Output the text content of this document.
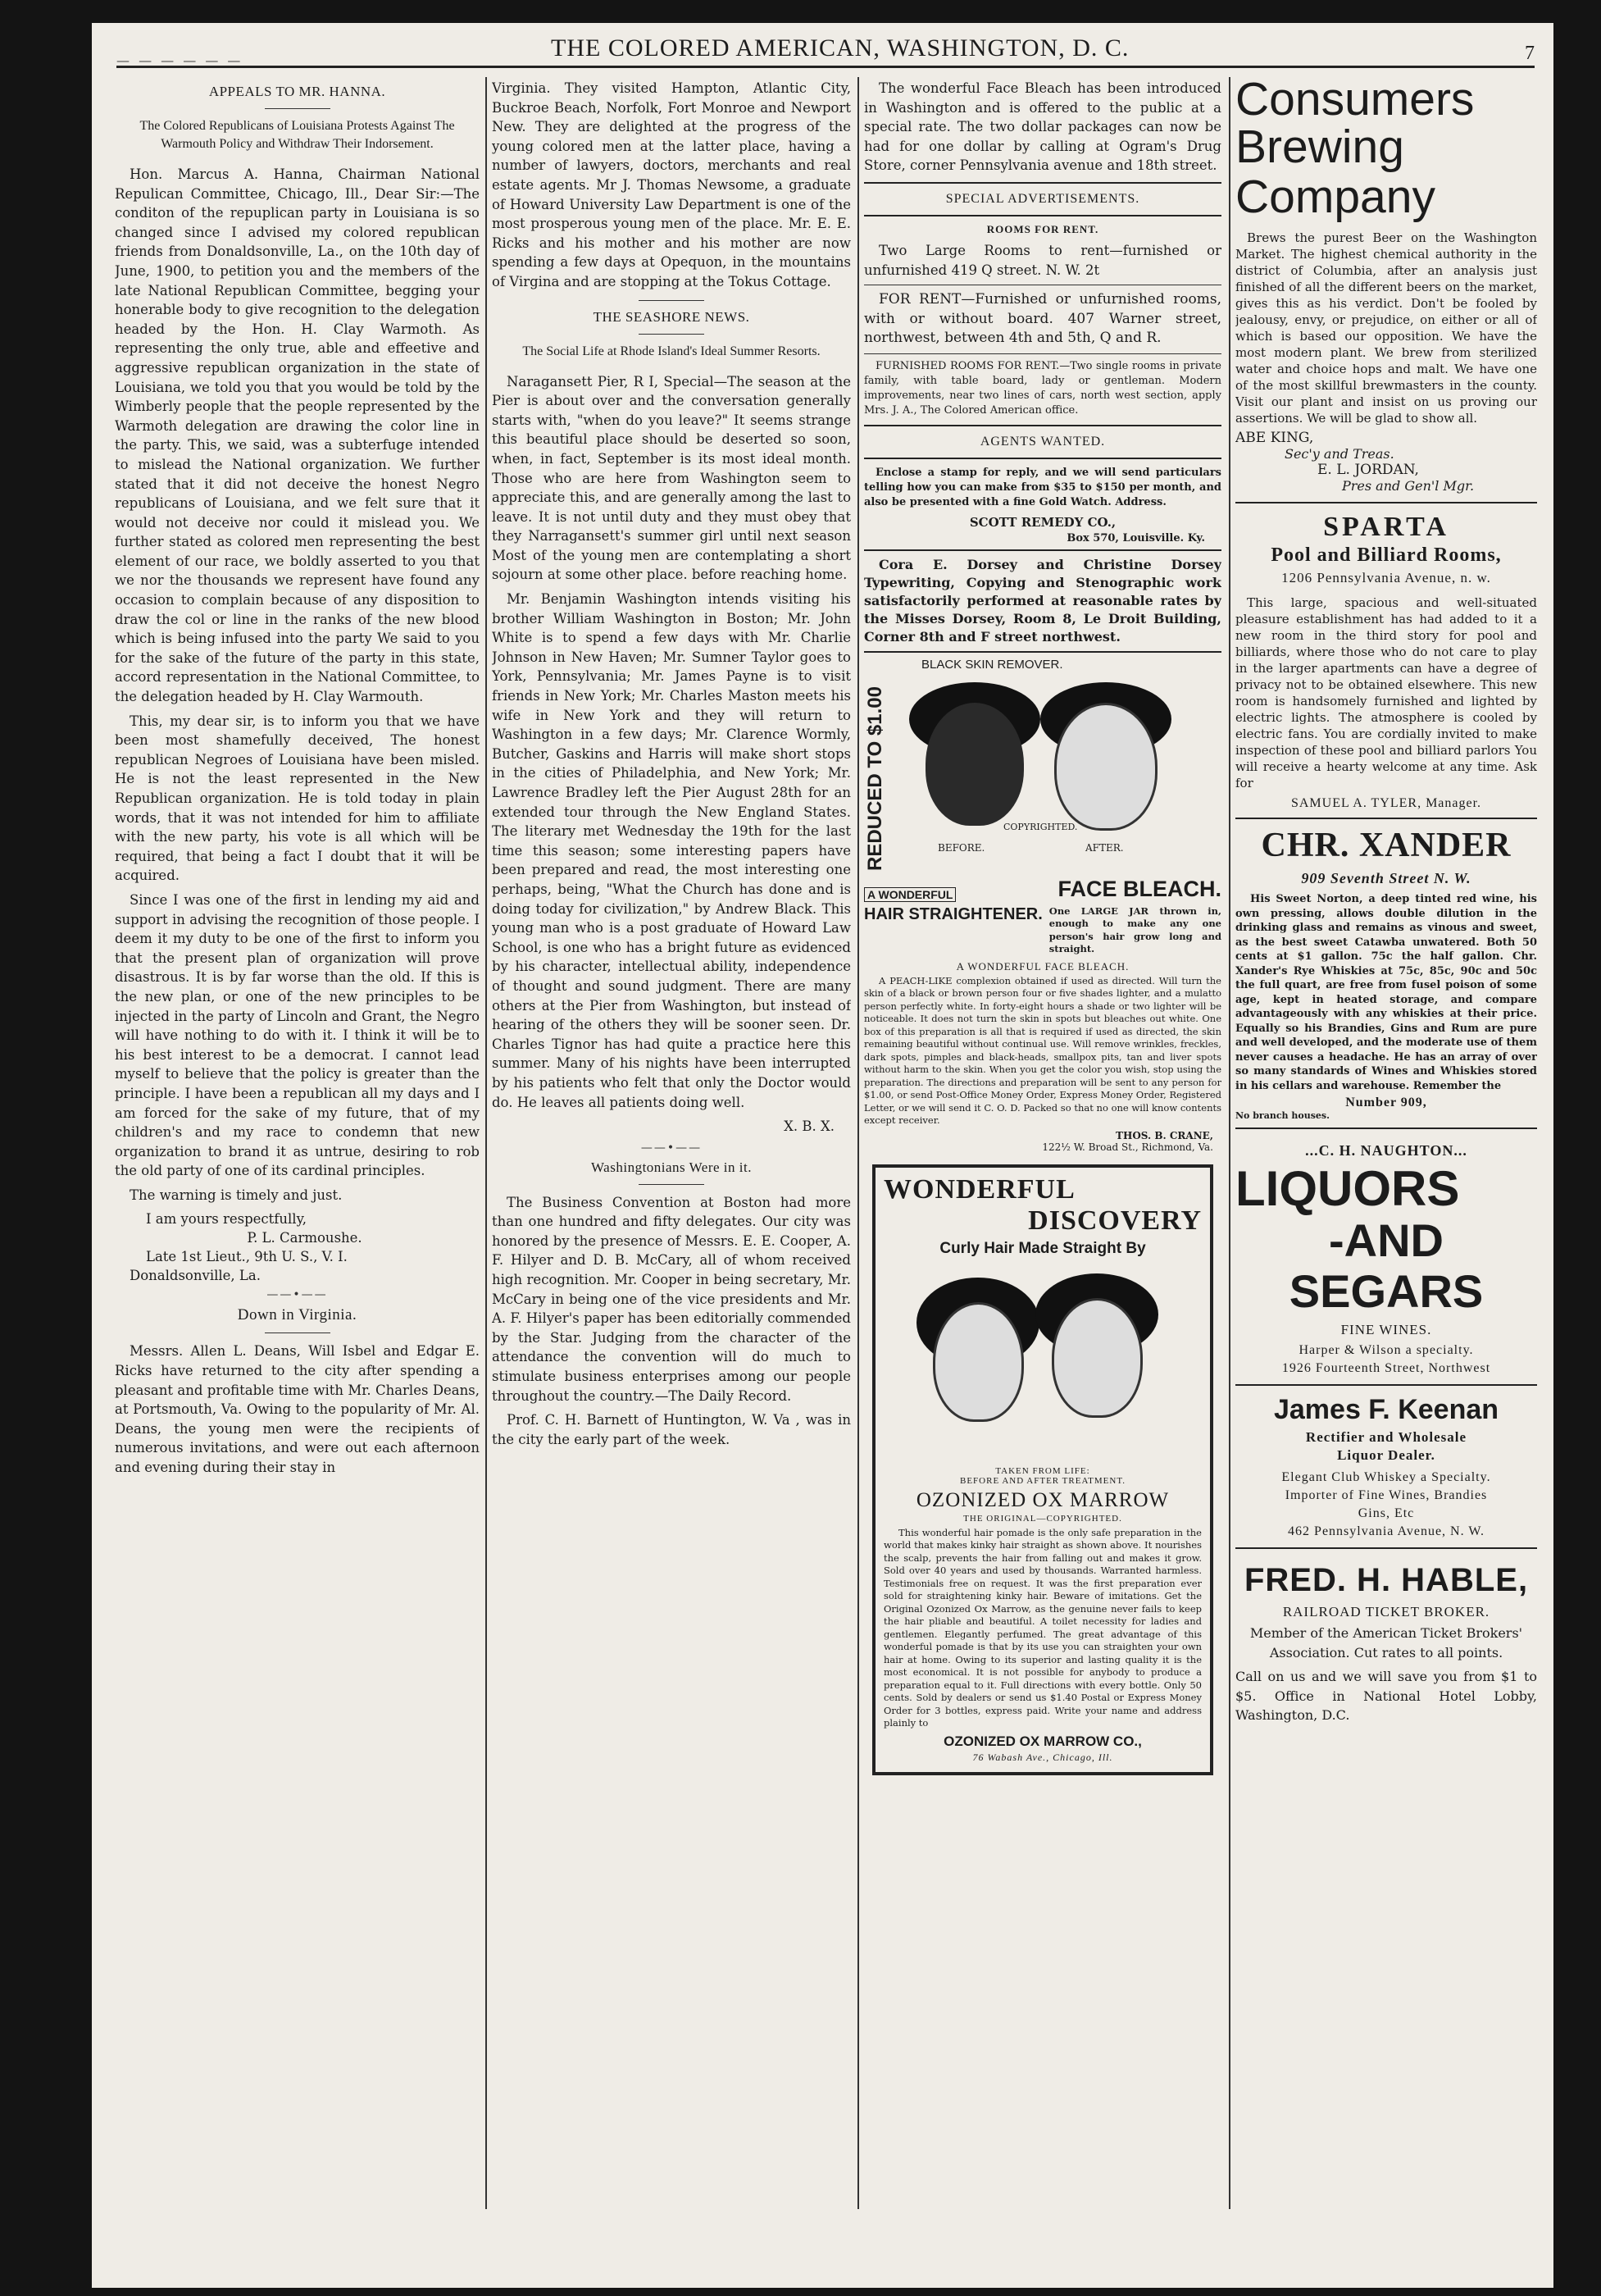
— — — — — —	THE COLORED AMERICAN, WASHINGTON, D. C.	7
APPEALS TO MR. HANNA.
The Colored Republicans of Louisiana Protests Against The Warmouth Policy and Withdraw Their Indorsement.

Hon. Marcus A. Hanna, Chairman National Repulican Committee, Chicago, Ill., Dear Sir:—The conditon of the repuplican party in Louisiana is so changed since I advised my colored republican friends from Donaldsonville, La., on the 10th day of June, 1900, to petition you and the members of the late National Republican Committee, begging your honerable body to give recognition to the delegation headed by the Hon. H. Clay Warmoth. As representing the only true, able and effeetive and aggressive republican organization in the state of Louisiana, we told you that you would be told by the Wimberly people that the people represented by the Warmoth delegation are drawing the color line in the party. This, we said, was a subterfuge intended to mislead the National organization. We further stated that it did not deceive the honest Negro republicans of Louisiana, and we felt sure that it would not deceive nor could it mislead you. We further stated as colored men representing the best element of our race, we boldly asserted to you that we nor the thousands we represent have found any occasion to complain because of any disposition to draw the col or line in the ranks of the new blood which is being infused into the party We said to you for the sake of the future of the party in this state, accord representation in the National Committee, to the delegation headed by H. Clay Warmouth.

This, my dear sir, is to inform you that we have been most shamefully deceived, The honest republican Negroes of Louisiana have been misled. He is not the least represented in the New Republican organization. He is told today in plain words, that it was not intended for him to affiliate with the new party, his vote is all which will be required, that being a fact I doubt that it will be acquired.

Since I was one of the first in lending my aid and support in advising the recognition of those people. I deem it my duty to be one of the first to inform you that the present plan of organization will prove disastrous. It is by far worse than the old. If this is the new plan, or one of the new principles to be injected in the party of Lincoln and Grant, the Negro will have nothing to do with it. I think it will be to his best interest to be a democrat. I cannot lead myself to believe that the policy is greater than the principle. I have been a republican all my days and I am forced for the sake of my future, that of my children's and my race to condemn that new organization to brand it as untrue, desiring to rob the old party of one of its cardinal principles.

The warning is timely and just.

I am yours respectfully,

P. L. Carmoushe.

Late 1st Lieut., 9th U. S., V. I.

Donaldsonville, La.

——•——
Down in Virginia.

Messrs. Allen L. Deans, Will Isbel and Edgar E. Ricks have returned to the city after spending a pleasant and profitable time with Mr. Charles Deans, at Portsmouth, Va. Owing to the popularity of Mr. Al. Deans, the young men were the recipients of numerous invitations, and were out each afternoon and evening during their stay in

Virginia. They visited Hampton, Atlantic City, Buckroe Beach, Norfolk, Fort Monroe and Newport New. They are delighted at the progress of the young colored men at the latter place, having a number of lawyers, doctors, merchants and real estate agents. Mr J. Thomas Newsome, a graduate of Howard University Law Department is one of the most prosperous young men of the place. Mr. E. E. Ricks and his mother and his mother are now spending a few days at Opequon, in the mountains of Virgina and are stopping at the Tokus Cottage.

THE SEASHORE NEWS.
The Social Life at Rhode Island's Ideal Summer Resorts.

Naragansett Pier, R I, Special—The season at the Pier is about over and the conversation generally starts with, "when do you leave?" It seems strange this beautiful place should be deserted so soon, when, in fact, September is its most ideal month. Those who are here from Washington seem to appreciate this, and are generally among the last to leave. It is not until duty and they must obey that they Narragansett's summer girl until next season Most of the young men are contemplating a short sojourn at some other place. before reaching home.

Mr. Benjamin Washington intends visiting his brother William Washington in Boston; Mr. John White is to spend a few days with Mr. Charlie Johnson in New Haven; Mr. Sumner Taylor goes to York, Pennsylvania; Mr. James Payne is to visit friends in New York; Mr. Charles Maston meets his wife in New York and they will return to Washington in a few days; Mr. Clarence Wormly, Butcher, Gaskins and Harris will make short stops in the cities of Philadelphia, and New York; Mr. Lawrence Bradley left the Pier August 28th for an extended tour through the New England States. The literary met Wednesday the 19th for the last time this season; some interesting papers have been prepared and read, the most interesting one perhaps, being, "What the Church has done and is doing today for civilization," by Andrew Black. This young man who is a post graduate of Howard Law School, is one who has a bright future as evidenced by his character, intellectual ability, independence of thought and sound judgment. There are many others at the Pier from Washington, but instead of hearing of the others they will be sooner seen. Dr. Charles Tignor has had quite a practice here this summer. Many of his nights have been interrupted by his patients who felt that only the Doctor would do. He leaves all patients doing well.

X. B. X.

——•——
Washingtonians Were in it.

The Business Convention at Boston had more than one hundred and fifty delegates. Our city was honored by the presence of Messrs. E. E. Cooper, A. F. Hilyer and D. B. McCary, all of whom received high recognition. Mr. Cooper in being secretary, Mr. McCary in being one of the vice presidents and Mr. A. F. Hilyer's paper has been editorially commended by the Star. Judging from the character of the attendance the convention will do much to stimulate business enterprises among our people throughout the country.—The Daily Record.

Prof. C. H. Barnett of Huntington, W. Va , was in the city the early part of the week.

The wonderful Face Bleach has been introduced in Washington and is offered to the public at a special rate. The two dollar packages can now be had for one dollar by calling at Ogram's Drug Store, corner Pennsylvania avenue and 18th street.

SPECIAL ADVERTISEMENTS.
ROOMS FOR RENT.

Two Large Rooms to rent—furnished or unfurnished 419 Q street. N. W. 2t

FOR RENT—Furnished or unfurnished rooms, with or without board. 407 Warner street, northwest, between 4th and 5th, Q and R.

FURNISHED ROOMS FOR RENT.—Two single rooms in private family, with table board, lady or gentleman. Modern improvements, near two lines of cars, north west section, apply Mrs. J. A., The Colored American office.

AGENTS WANTED.

Enclose a stamp for reply, and we will send particulars telling how you can make from $35 to $150 per month, and also be presented with a fine Gold Watch. Address.

SCOTT REMEDY CO.,
Box 570, Louisville. Ky.

Cora E. Dorsey and Christine Dorsey Typewriting, Copying and Stenographic work satisfactorily performed at reasonable rates by the Misses Dorsey, Room 8, Le Droit Building, Corner 8th and F street northwest.

REDUCED TO $1.00
BLACK SKIN REMOVER.
COPYRIGHTED.
BEFORE.	AFTER.
A WONDERFUL	FACE BLEACH.
HAIR STRAIGHTENER. One LARGE JAR thrown in, enough to make any one person's hair grow long and straight.
A WONDERFUL FACE BLEACH.

A PEACH-LIKE complexion obtained if used as directed. Will turn the skin of a black or brown person four or five shades lighter, and a mulatto person perfectly white. In forty-eight hours a shade or two lighter will be noticeable. It does not turn the skin in spots but bleaches out white. One box of this preparation is all that is required if used as directed, the skin remaining beautiful without continual use. Will remove wrinkles, freckles, dark spots, pimples and black-heads, smallpox pits, tan and liver spots without harm to the skin. When you get the color you wish, stop using the preparation. The directions and preparation will be sent to any person for $1.00, or send Post-Office Money Order, Express Money Order, Registered Letter, or we will send it C. O. D. Packed so that no one will know contents except receiver.

THOS. B. CRANE,
122½ W. Broad St., Richmond, Va.
WONDERFUL
DISCOVERY
Curly Hair Made Straight By
TAKEN FROM LIFE:
BEFORE AND AFTER TREATMENT.
OZONIZED OX MARROW
THE ORIGINAL—COPYRIGHTED.

This wonderful hair pomade is the only safe preparation in the world that makes kinky hair straight as shown above. It nourishes the scalp, prevents the hair from falling out and makes it grow. Sold over 40 years and used by thousands. Warranted harmless. Testimonials free on request. It was the first preparation ever sold for straightening kinky hair. Beware of imitations. Get the Original Ozonized Ox Marrow, as the genuine never fails to keep the hair pliable and beautiful. A toilet necessity for ladies and gentlemen. Elegantly perfumed. The great advantage of this wonderful pomade is that by its use you can straighten your own hair at home. Owing to its superior and lasting quality it is the most economical. It is not possible for anybody to produce a preparation equal to it. Full directions with every bottle. Only 50 cents. Sold by dealers or send us $1.40 Postal or Express Money Order for 3 bottles, express paid. Write your name and address plainly to

OZONIZED OX MARROW CO.,
76 Wabash Ave., Chicago, Ill.
Consumers
Brewing
Company

Brews the purest Beer on the Washington Market. The highest chemical authority in the district of Columbia, after an analysis just finished of all the different beers on the market, gives this as his verdict. Don't be fooled by jealousy, envy, or prejudice, on either or all of which is based our opposition. We have the most modern plant. We brew from sterilized water and choice hops and malt. We have one of the most skillful brewmasters in the county. Visit our plant and insist on us proving our assertions. We will be glad to show all.

ABE KING,
Sec'y and Treas.
E. L. JORDAN,
Pres and Gen'l Mgr.
SPARTA
Pool and Billiard Rooms,
1206 Pennsylvania Avenue, n. w.

This large, spacious and well-situated pleasure establishment has had added to it a new room in the third story for pool and billiards, where those who do not care to play in the larger apartments can have a degree of privacy not to be obtained elsewhere. This new room is handsomely furnished and lighted by electric lights. The atmosphere is cooled by electric fans. You are cordially invited to make inspection of these pool and billiard parlors You will receive a hearty welcome at any time. Ask for

SAMUEL A. TYLER, Manager.
CHR. XANDER
909 Seventh Street N. W.

His Sweet Norton, a deep tinted red wine, his own pressing, allows double dilution in the drinking glass and remains as vinous and sweet, as the best sweet Catawba unwatered. Both 50 cents at $1 gallon. 75c the half gallon. Chr. Xander's Rye Whiskies at 75c, 85c, 90c and 50c the full quart, are free from fusel poison of some age, kept in heated storage, and compare advantageously with any whiskies at their price. Equally so his Brandies, Gins and Rum are pure and well developed, and the moderate use of them never causes a headache. He has an array of over so many standards of Wines and Whiskies stored in his cellars and warehouse. Remember the

Number 909,
No branch houses.
...C. H. NAUGHTON...
LIQUORS
-AND SEGARS
FINE WINES.
Harper & Wilson a specialty.
1926 Fourteenth Street, Northwest
James F. Keenan
Rectifier and Wholesale
Liquor Dealer.
Elegant Club Whiskey a Specialty.
Importer of Fine Wines, Brandies
Gins, Etc
462 Pennsylvania Avenue, N. W.
FRED. H. HABLE,
RAILROAD TICKET BROKER.

Member of the American Ticket Brokers' Association. Cut rates to all points.

Call on us and we will save you from $1 to $5. Office in National Hotel Lobby, Washington, D.C.
